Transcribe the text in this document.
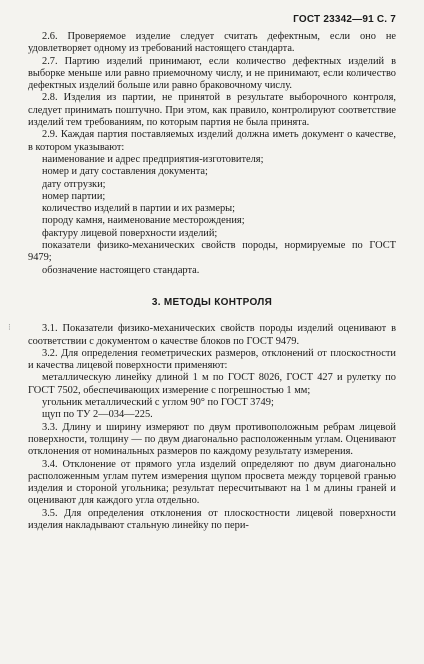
ГОСТ 23342—91 С. 7
⁝

2.6. Проверяемое изделие следует считать дефектным, если оно не удовлетворяет одному из требований настоящего стандарта.

2.7. Партию изделий принимают, если количество дефектных изделий в выборке меньше или равно приемочному числу, и не принимают, если количество дефектных изделий больше или равно браковочному числу.

2.8. Изделия из партии, не принятой в результате выборочного контроля, следует принимать поштучно. При этом, как правило, контролируют соответствие изделий тем требованиям, по которым партия не была принята.

2.9. Каждая партия поставляемых изделий должна иметь документ о качестве, в котором указывают:

наименование и адрес предприятия-изготовителя;

номер и дату составления документа;

дату отгрузки;

номер партии;

количество изделий в партии и их размеры;

породу камня, наименование месторождения;

фактуру лицевой поверхности изделий;

показатели физико-механических свойств породы, нормируемые по ГОСТ 9479;

обозначение настоящего стандарта.

3. МЕТОДЫ КОНТРОЛЯ

3.1. Показатели физико-механических свойств породы изделий оценивают в соответствии с документом о качестве блоков по ГОСТ 9479.

3.2. Для определения геометрических размеров, отклонений от плоскостности и качества лицевой поверхности применяют:

металлическую линейку длиной 1 м по ГОСТ 8026, ГОСТ 427 и рулетку по ГОСТ 7502, обеспечивающих измерение с погрешностью 1 мм;

угольник металлический с углом 90° по ГОСТ 3749;

щуп по ТУ 2—034—225.

3.3. Длину и ширину измеряют по двум противоположным ребрам лицевой поверхности, толщину — по двум диагонально расположенным углам. Оценивают отклонения от номинальных размеров по каждому результату измерения.

3.4. Отклонение от прямого угла изделий определяют по двум диагонально расположенным углам путем измерения щупом просвета между торцевой гранью изделия и стороной угольника; результат пересчитывают на 1 м длины граней и оценивают для каждого угла отдельно.

3.5. Для определения отклонения от плоскостности лицевой поверхности изделия накладывают стальную линейку по пери-
